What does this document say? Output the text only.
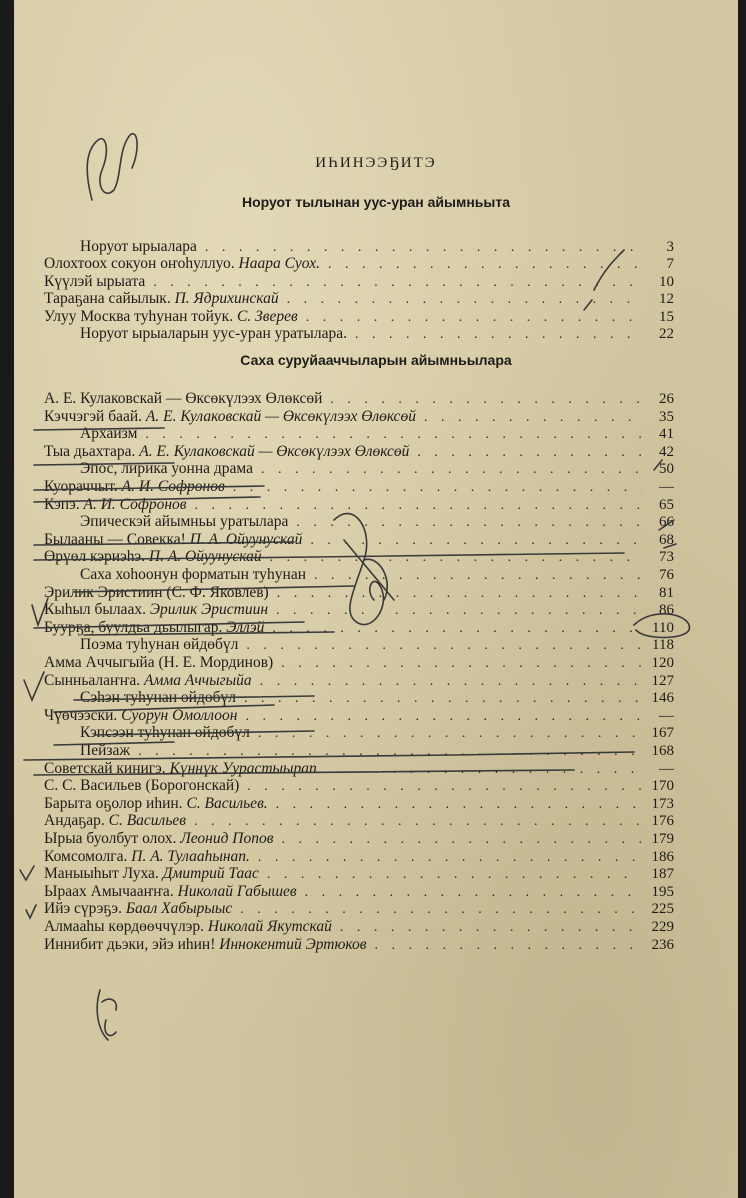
ИҺИНЭЭҔИТЭ
Норуот тылынан уус-уран айымньыта
Саха суруйааччыларын айымньылара
Норуот ырыалара . . .	3
Олохтоох сокуон оҥоһуллуо. Наара Суох. . . .	7
Күүлэй ырыата . . .	10
Тараҕана сайылык. П. Ядрихинскай . . .	12
Улуу Москва туһунан тойук. С. Зверев . . .	15
Норуот ырыаларын уус-уран уратылара. . . .	22
А. Е. Кулаковскай — Өксөкүлээх Өлөксөй . . .	26
Кэччэгэй баай. А. Е. Кулаковскай — Өксөкүлээх Өлөксөй . . .	35
Архаизм . . .	41
Тыа дьахтара. А. Е. Кулаковскай — Өксөкүлээх Өлөксөй . . .	42
Эпос, лирика уонна драма . . .	50
Куораччыт. А. И. Софронов . . .	—
Кэпэ. А. И. Софронов . . .	65
Эпическэй айымньы уратылара . . .	66
Былааны — Совекка! П. А. Ойуунускай . . .	68
Өрүөл кэриэһэ. П. А. Ойуунускай . . .	73
Саха хоһоонун форматын туһунан . . .	76
Эрилик Эристиин (С. Ф. Яковлев) . . .	81
Кыһыл былаах. Эрилик Эристиин . . .	86
Буурҕа, буулдьа дьылыгар. Эллэй . . .	110
Поэма туһунан өйдөбүл . . .	118
Амма Аччыгыйа (Н. Е. Мординов) . . .	120
Сынньалаҥҥа. Амма Аччыгыйа . . .	127
Сэһэн туһунан өйдөбүл . . .	146
Чүөчээски. Суорун Омоллоон . . .	—
Кэпсээн туһунан өйдөбүл . . .	167
Пейзаж . . .	168
Советскай кинигэ. Күннүк Уурастыырап . . .	—
С. С. Васильев (Борогонскай) . . .	170
Барыта оҕолор иһин. С. Васильев. . . .	173
Андаҕар. С. Васильев . . .	176
Ырыа буолбут олох. Леонид Попов . . .	179
Комсомолга. П. А. Тулааһынап. . . .	186
Маныыһыт Луха. Дмитрий Таас . . .	187
Ыраах Амычааҥҥа. Николай Габышев . . .	195
Ийэ сүрэҕэ. Баал Хабырыыс . . .	225
Алмааһы көрдөөччүлэр. Николай Якутскай . . .	229
Иннибит дьэки, эйэ иһин! Иннокентий Эртюков . . .	236
